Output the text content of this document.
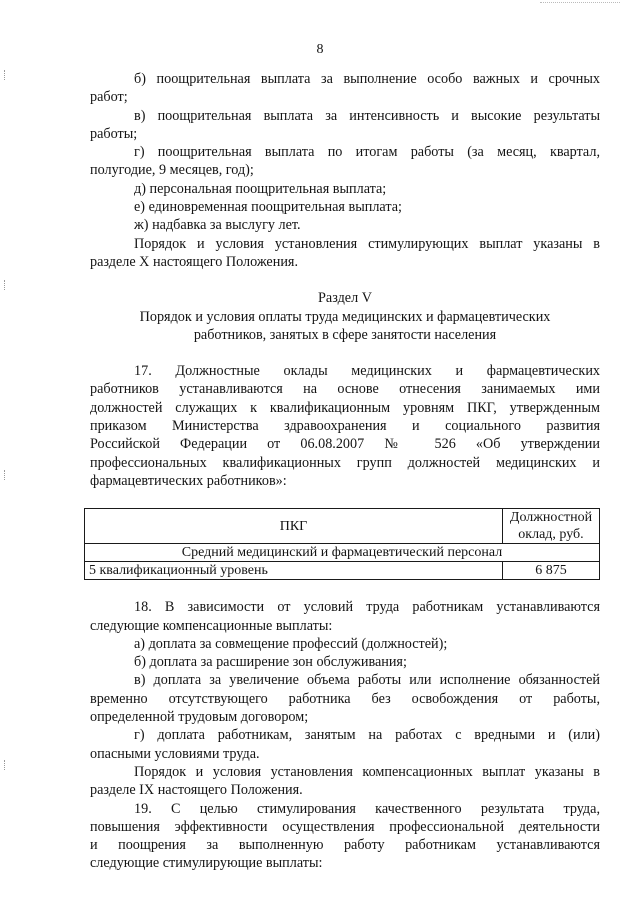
8
б) поощрительная выплата за выполнение особо важных и срочных
работ;
в) поощрительная выплата за интенсивность и высокие результаты
работы;
г) поощрительная выплата по итогам работы (за месяц, квартал,
полугодие, 9 месяцев, год);
д) персональная поощрительная выплата;
е) единовременная поощрительная выплата;
ж) надбавка за выслугу лет.
Порядок и условия установления стимулирующих выплат указаны в
разделе X настоящего Положения.
Раздел V
Порядок и условия оплаты труда медицинских и фармацевтических
работников, занятых в сфере занятости населения
17. Должностные оклады медицинских и фармацевтических
работников устанавливаются на основе отнесения занимаемых ими
должностей служащих к квалификационным уровням ПКГ, утвержденным
приказом Министерства здравоохранения и социального развития
Российской Федерации от 06.08.2007 № 526 «Об утверждении
профессиональных квалификационных групп должностей медицинских и
фармацевтических работников»:
ПКГ	Должностной
оклад, руб.

Средний медицинский и фармацевтический персонал	
5 квалификационный уровень	6 875
18. В зависимости от условий труда работникам устанавливаются
следующие компенсационные выплаты:
а) доплата за совмещение профессий (должностей);
б) доплата за расширение зон обслуживания;
в) доплата за увеличение объема работы или исполнение обязанностей
временно отсутствующего работника без освобождения от работы,
определенной трудовым договором;
г) доплата работникам, занятым на работах с вредными и (или)
опасными условиями труда.
Порядок и условия установления компенсационных выплат указаны в
разделе IX настоящего Положения.
19. С целью стимулирования качественного результата труда,
повышения эффективности осуществления профессиональной деятельности
и поощрения за выполненную работу работникам устанавливаются
следующие стимулирующие выплаты:
